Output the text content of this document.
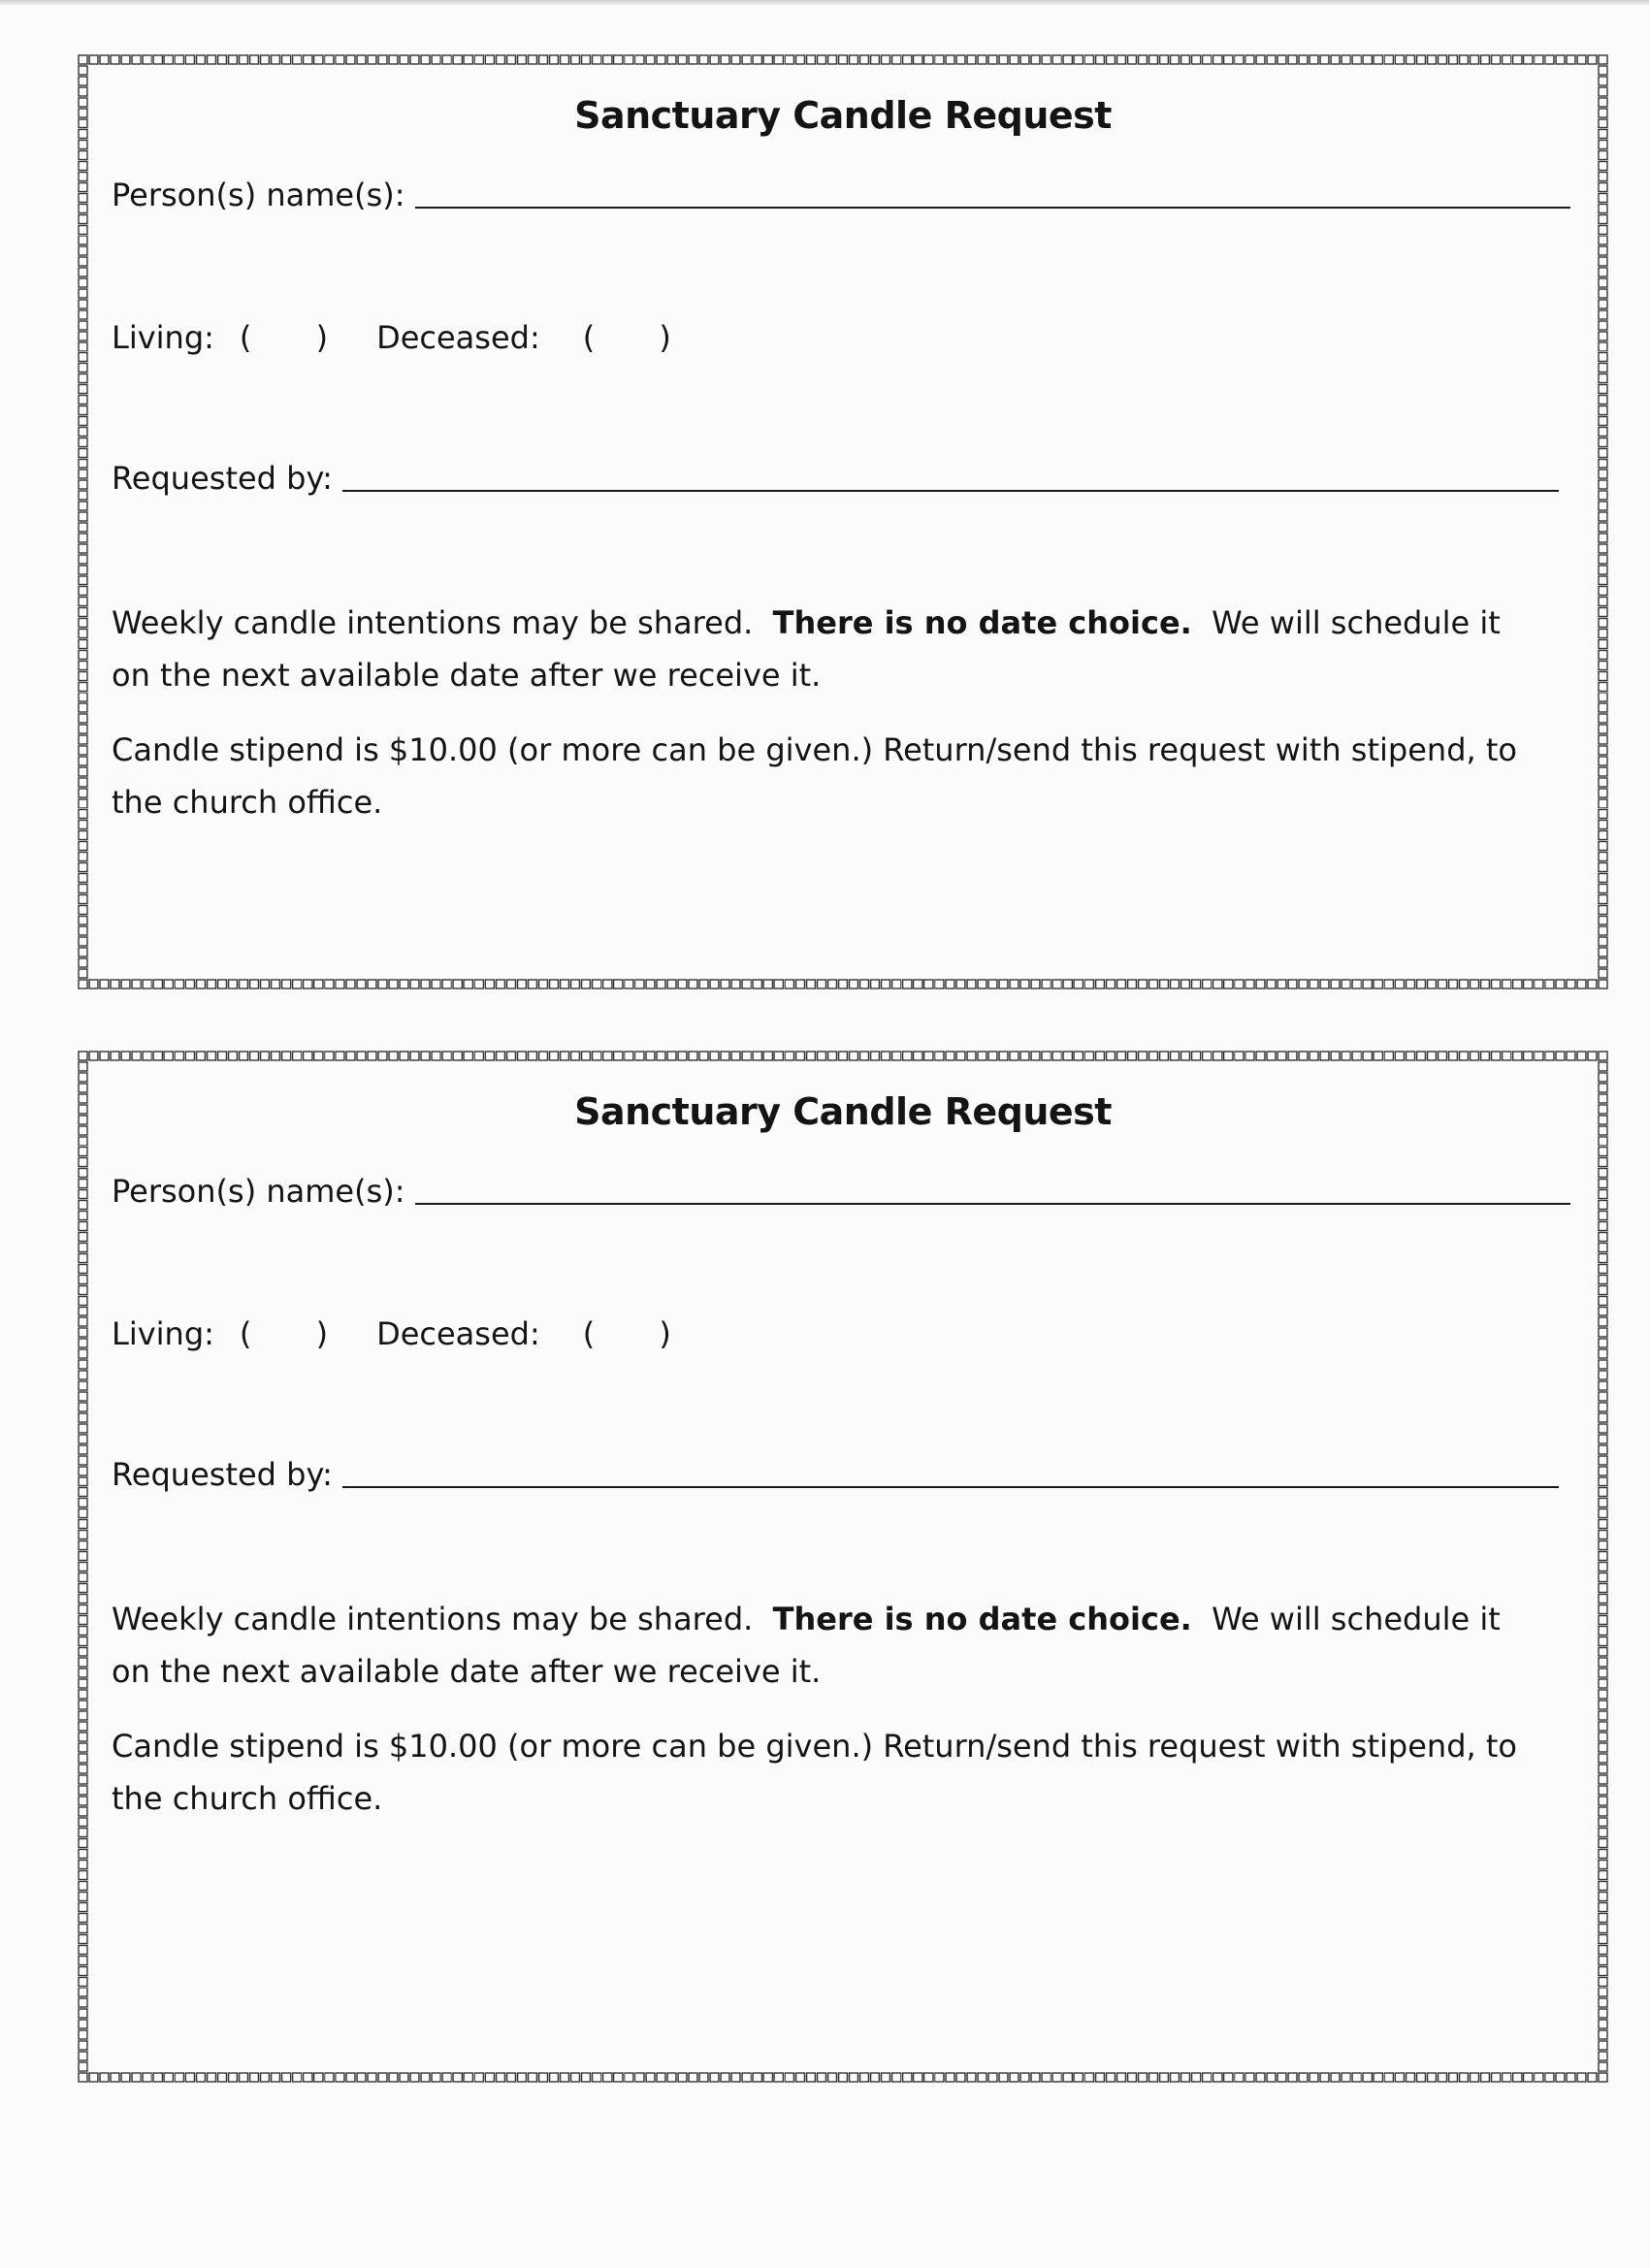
Sanctuary Candle Request
Person(s) name(s):
Living: ( ) Deceased: ( )
Requested by:

Weekly candle intentions may be shared. There is no date choice. We will schedule it on the next available date after we receive it.

Candle stipend is $10.00 (or more can be given.) Return/send this request with stipend, to the church office.

Sanctuary Candle Request
Person(s) name(s):
Living: ( ) Deceased: ( )
Requested by:

Weekly candle intentions may be shared. There is no date choice. We will schedule it on the next available date after we receive it.

Candle stipend is $10.00 (or more can be given.) Return/send this request with stipend, to the church office.
